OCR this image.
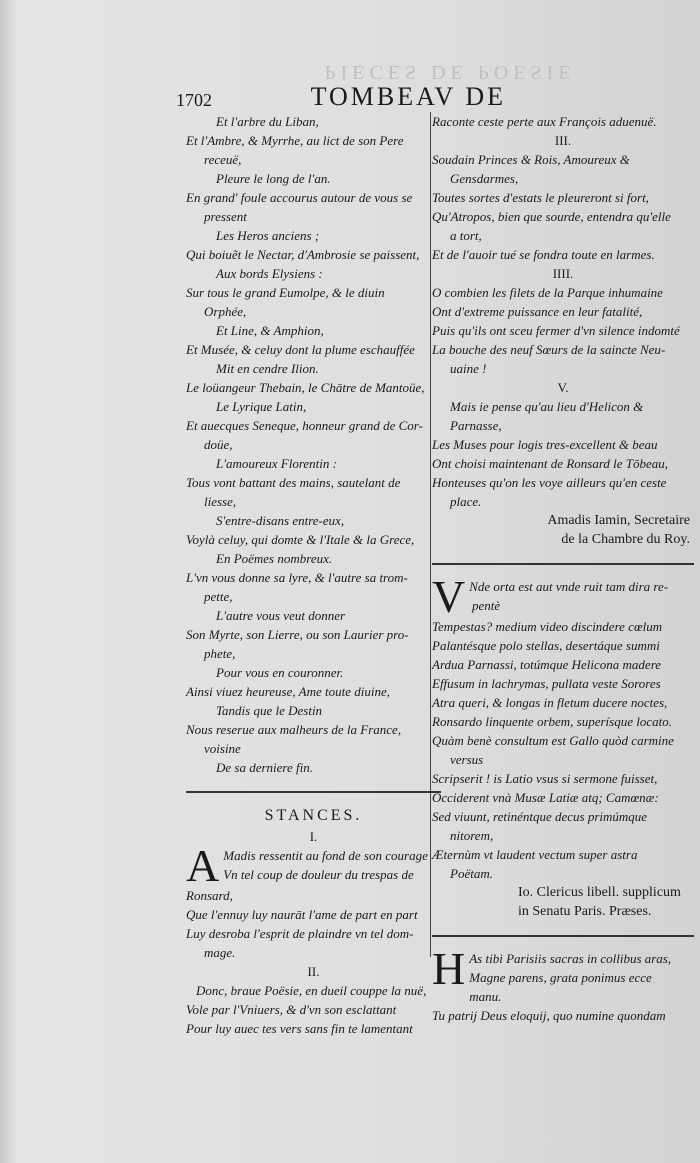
PIECES DE POESIE
1702	TOMBEAV DE
Et l'arbre du Liban,
Et l'Ambre, & Myrrhe, au lict de son Pere
receuë,
Pleure le long de l'an.
En grand' foule accourus autour de vous se
pressent
Les Heros anciens ;
Qui boiuẽt le Nectar, d'Ambrosie se paissent,
Aux bords Elysiens :
Sur tous le grand Eumolpe, & le diuin
Orphée,
Et Line, & Amphion,
Et Musée, & celuy dont la plume eschauffée
Mit en cendre Ilion.
Le loüangeur Thebain, le Chātre de Mantoüe,
Le Lyrique Latin,
Et auecques Seneque, honneur grand de Cor-
doüe,
L'amoureux Florentin :
Tous vont battant des mains, sautelant de
liesse,
S'entre-disans entre-eux,
Voylà celuy, qui domte & l'Itale & la Grece,
En Poëmes nombreux.
L'vn vous donne sa lyre, & l'autre sa trom-
pette,
L'autre vous veut donner
Son Myrte, son Lierre, ou son Laurier pro-
phete,
Pour vous en couronner.
Ainsi viuez heureuse, Ame toute diuine,
Tandis que le Destin
Nous reserue aux malheurs de la France,
voisine
De sa derniere fin.
STANCES.
I.
A Madis ressentit au fond de son courage
Vn tel coup de douleur du trespas de
Ronsard,
Que l'ennuy luy naurāt l'ame de part en part
Luy desroba l'esprit de plaindre vn tel dom-
mage.
II.
Donc, braue Poësie, en dueil couppe la nuë,
Vole par l'Vniuers, & d'vn son esclattant
Pour luy auec tes vers sans fin te lamentant
Raconte ceste perte aux François aduenuë.
III.
Soudain Princes & Rois, Amoureux &
Gensdarmes,
Toutes sortes d'estats le pleureront si fort,
Qu'Atropos, bien que sourde, entendra qu'elle
a tort,
Et de l'auoir tué se fondra toute en larmes.
IIII.
O combien les filets de la Parque inhumaine
Ont d'extreme puissance en leur fatalité,
Puis qu'ils ont sceu fermer d'vn silence indomté
La bouche des neuf Sœurs de la saincte Neu-
uaine !
V.
Mais ie pense qu'au lieu d'Helicon &
Parnasse,
Les Muses pour logis tres-excellent & beau
Ont choisi maintenant de Ronsard le Tōbeau,
Honteuses qu'on les voye ailleurs qu'en ceste
place.
Amadis Iamin, Secretaire
de la Chambre du Roy.
V Nde orta est aut vnde ruit tam dira re-
pentè
Tempestas? medium video discindere cœlum
Palantésque polo stellas, desertáque summi
Ardua Parnassi, totúmque Helicona madere
Effusum in lachrymas, pullata veste Sorores
Atra queri, & longas in fletum ducere noctes,
Ronsardo linquente orbem, superísque locato.
Quàm benè consultum est Gallo quòd carmine
versus
Scripserit ! is Latio vsus si sermone fuisset,
Occiderent vnà Musæ Latiæ atq; Camœnæ:
Sed viuunt, retinéntque decus primúmque
nitorem,
Æternùm vt laudent vectum super astra
Poëtam.
Io. Clericus libell. supplicum
in Senatu Paris. Præses.
H As tibi Parisiis sacras in collibus aras,
Magne parens, grata ponimus ecce
manu.
Tu patrij Deus eloquij, quo numine quondam
